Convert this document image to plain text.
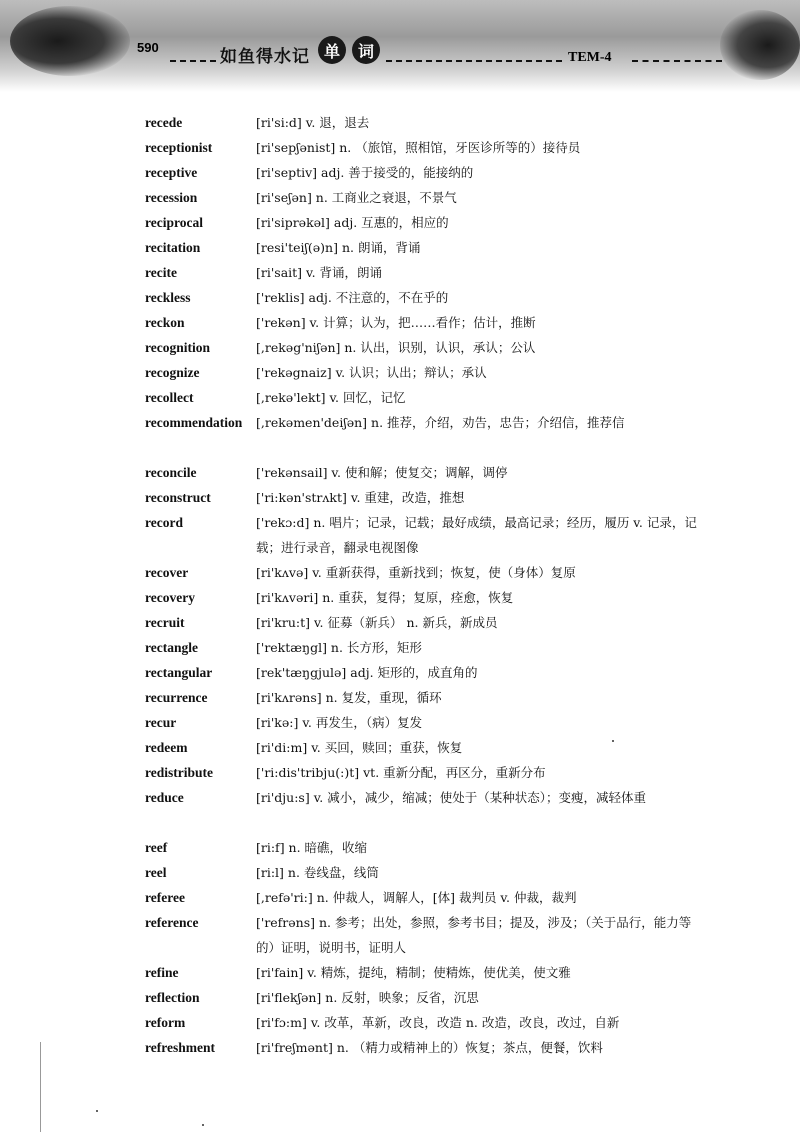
590	如鱼得水记 单	词	TEM-4
recede	[ri'si:d] v. 退，退去
receptionist	[ri'sepʃənist] n. （旅馆，照相馆，牙医诊所等的）接待员
receptive	[ri'septiv] adj. 善于接受的，能接纳的
recession	[ri'seʃən] n. 工商业之衰退，不景气
reciprocal	[ri'siprəkəl] adj. 互惠的，相应的
recitation	[resi'teiʃ(ə)n] n. 朗诵，背诵
recite	[ri'sait] v. 背诵，朗诵
reckless	['reklis] adj. 不注意的，不在乎的
reckon	['rekən] v. 计算；认为，把……看作；估计，推断
recognition	[,rekəg'niʃən] n. 认出，识别，认识，承认；公认
recognize	['rekəgnaiz] v. 认识；认出；辩认；承认
recollect	[,rekə'lekt] v. 回忆，记忆
recommendation [,rekəmen'deiʃən] n. 推荐，介绍，劝告，忠告；介绍信，推荐信
reconcile	['rekənsail] v. 使和解；使复交；调解，调停
reconstruct	['ri:kən'strʌkt] v. 重建，改造，推想
record	['rekɔ:d] n. 唱片；记录，记载；最好成绩，最高记录；经历，履历 v. 记录，记载；进行录音，翻录电视图像
recover	[ri'kʌvə] v. 重新获得，重新找到；恢复，使（身体）复原
recovery	[ri'kʌvəri] n. 重获，复得；复原，痊愈，恢复
recruit	[ri'kru:t] v. 征募（新兵） n. 新兵，新成员
rectangle	['rektæŋgl] n. 长方形，矩形
rectangular	[rek'tæŋgjulə] adj. 矩形的，成直角的
recurrence	[ri'kʌrəns] n. 复发，重现，循环
recur	[ri'kə:] v. 再发生，（病）复发
redeem	[ri'di:m] v. 买回，赎回；重获，恢复
redistribute	['ri:dis'tribju(:)t] vt. 重新分配，再区分，重新分布
reduce	[ri'dju:s] v. 减小，减少，缩减；使处于（某种状态）；变瘦，减轻体重
reef	[ri:f] n. 暗礁，收缩
reel	[ri:l] n. 卷线盘，线筒
referee	[,refə'ri:] n. 仲裁人，调解人，[体] 裁判员 v. 仲裁，裁判
reference	['refrəns] n. 参考；出处，参照，参考书目；提及，涉及；（关于品行，能力等的）证明，说明书，证明人
refine	[ri'fain] v. 精炼，提纯，精制；使精炼，使优美，使文雅
reflection	[ri'flekʃən] n. 反射，映象；反省，沉思
reform	[ri'fɔ:m] v. 改革，革新，改良，改造 n. 改造，改良，改过，自新
refreshment	[ri'freʃmənt] n. （精力或精神上的）恢复；茶点，便餐，饮料
